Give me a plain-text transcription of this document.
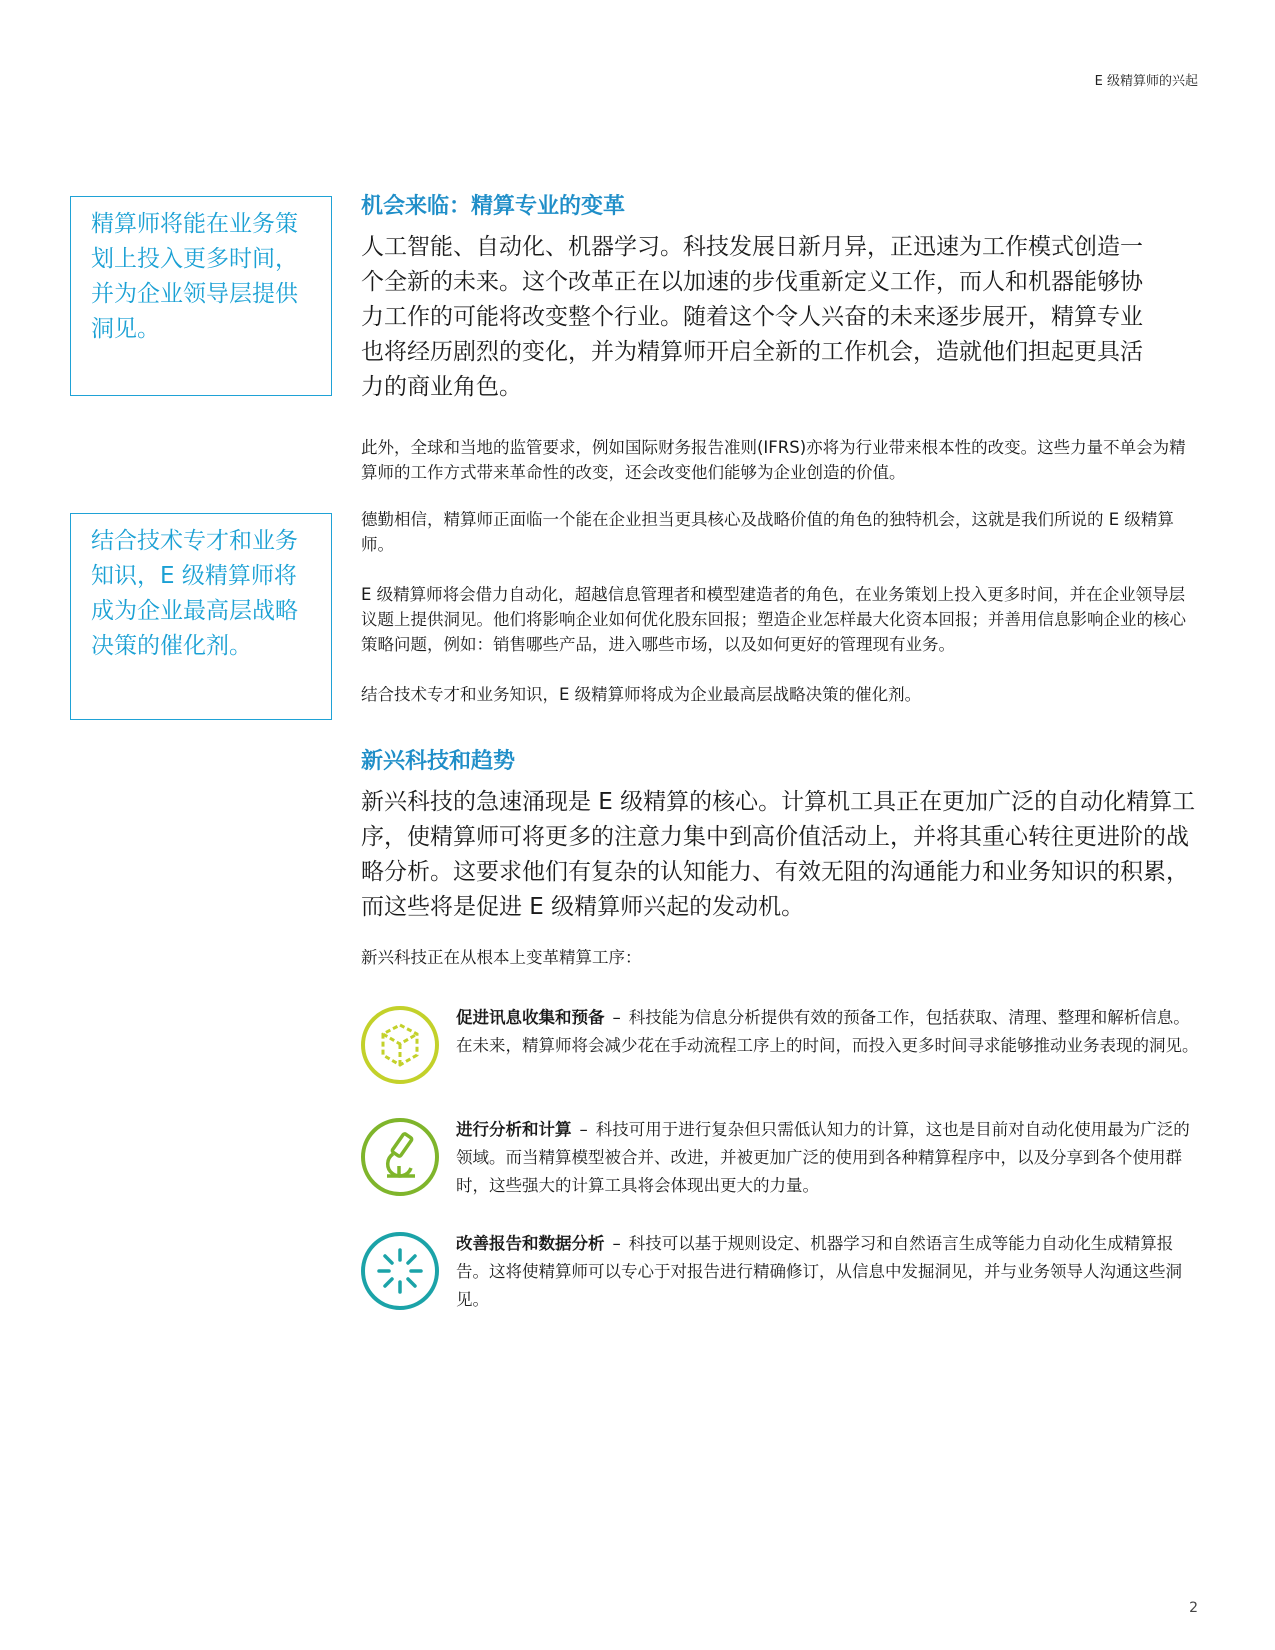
E 级精算师的兴起
精算师将能在业务策划上投入更多时间，并为企业领导层提供洞见。
结合技术专才和业务知识，E 级精算师将成为企业最高层战略决策的催化剂。
机会来临：精算专业的变革

人工智能、自动化、机器学习。科技发展日新月异，正迅速为工作模式创造一个全新的未来。这个改革正在以加速的步伐重新定义工作，而人和机器能够协力工作的可能将改变整个行业。随着这个令人兴奋的未来逐步展开，精算专业也将经历剧烈的变化，并为精算师开启全新的工作机会，造就他们担起更具活力的商业角色。

此外，全球和当地的监管要求，例如国际财务报告准则(IFRS)亦将为行业带来根本性的改变。这些力量不单会为精算师的工作方式带来革命性的改变，还会改变他们能够为企业创造的价值。

德勤相信，精算师正面临一个能在企业担当更具核心及战略价值的角色的独特机会，这就是我们所说的 E 级精算师。

E 级精算师将会借力自动化，超越信息管理者和模型建造者的角色，在业务策划上投入更多时间，并在企业领导层议题上提供洞见。他们将影响企业如何优化股东回报；塑造企业怎样最大化资本回报；并善用信息影响企业的核心策略问题，例如：销售哪些产品，进入哪些市场，以及如何更好的管理现有业务。

结合技术专才和业务知识，E 级精算师将成为企业最高层战略决策的催化剂。

新兴科技和趋势

新兴科技的急速涌现是 E 级精算的核心。计算机工具正在更加广泛的自动化精算工序，使精算师可将更多的注意力集中到高价值活动上，并将其重心转往更进阶的战略分析。这要求他们有复杂的认知能力、有效无阻的沟通能力和业务知识的积累，而这些将是促进 E 级精算师兴起的发动机。

新兴科技正在从根本上变革精算工序：

促进讯息收集和预备 – 科技能为信息分析提供有效的预备工作，包括获取、清理、整理和解析信息。在未来，精算师将会减少花在手动流程工序上的时间，而投入更多时间寻求能够推动业务表现的洞见。
进行分析和计算 – 科技可用于进行复杂但只需低认知力的计算，这也是目前对自动化使用最为广泛的领域。而当精算模型被合并、改进，并被更加广泛的使用到各种精算程序中，以及分享到各个使用群时，这些强大的计算工具将会体现出更大的力量。
改善报告和数据分析 – 科技可以基于规则设定、机器学习和自然语言生成等能力自动化生成精算报告。这将使精算师可以专心于对报告进行精确修订，从信息中发掘洞见，并与业务领导人沟通这些洞见。
2
